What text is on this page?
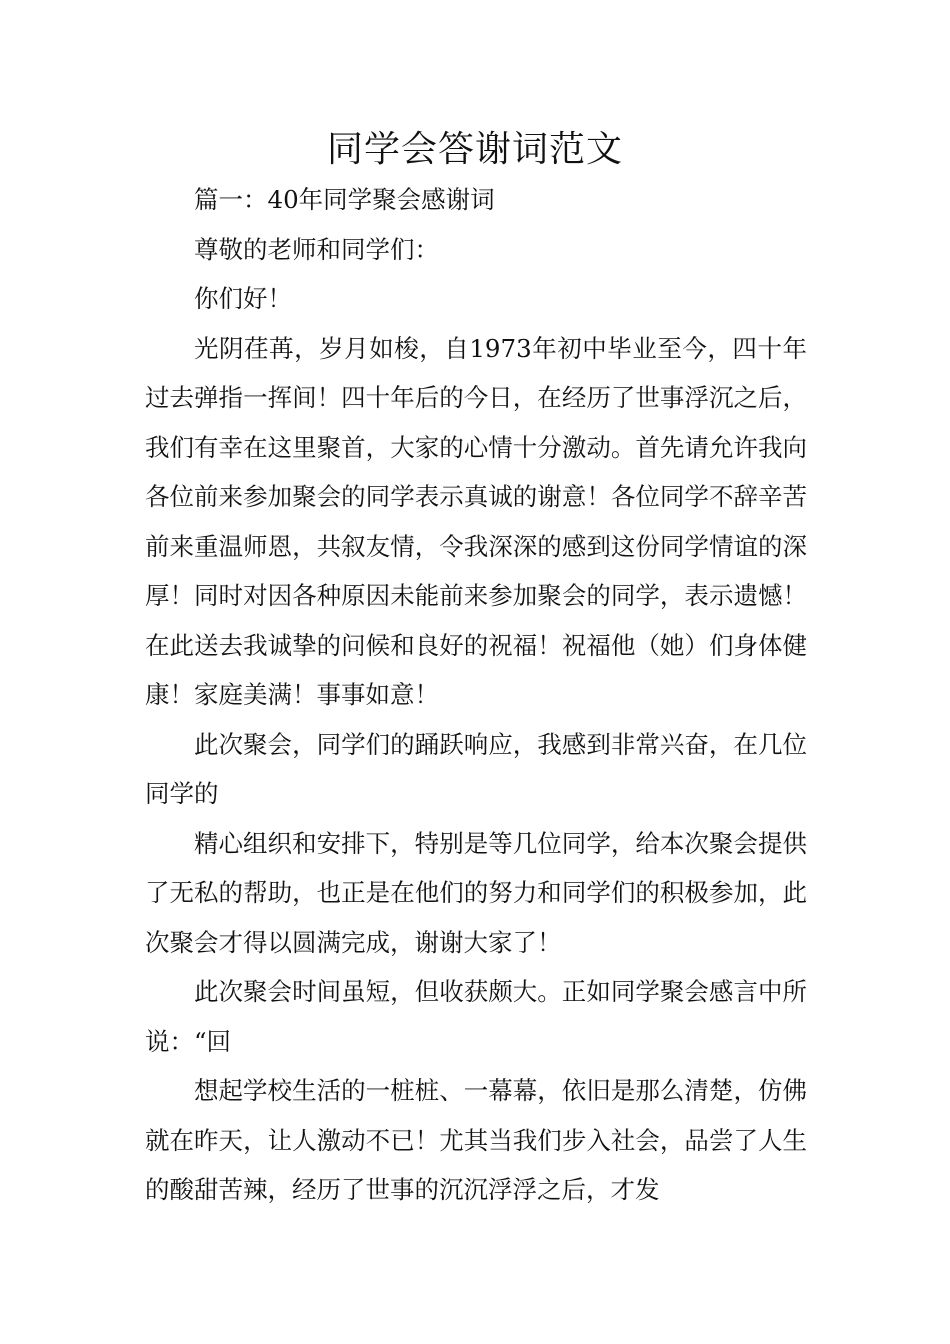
同学会答谢词范文

篇一：40年同学聚会感谢词

尊敬的老师和同学们：

你们好！

光阴荏苒，岁月如梭，自1973年初中毕业至今，四十年过去弹指一挥间！四十年后的今日，在经历了世事浮沉之后，我们有幸在这里聚首，大家的心情十分激动。首先请允许我向各位前来参加聚会的同学表示真诚的谢意！各位同学不辞辛苦前来重温师恩，共叙友情，令我深深的感到这份同学情谊的深厚！同时对因各种原因未能前来参加聚会的同学，表示遗憾！在此送去我诚挚的问候和良好的祝福！祝福他（她）们身体健康！家庭美满！事事如意！

此次聚会，同学们的踊跃响应，我感到非常兴奋，在几位同学的

精心组织和安排下，特别是等几位同学，给本次聚会提供了无私的帮助，也正是在他们的努力和同学们的积极参加，此次聚会才得以圆满完成，谢谢大家了！

此次聚会时间虽短，但收获颇大。正如同学聚会感言中所说：“回

想起学校生活的一桩桩、一幕幕，依旧是那么清楚，仿佛就在昨天，让人激动不已！尤其当我们步入社会，品尝了人生的酸甜苦辣，经历了世事的沉沉浮浮之后，才发
